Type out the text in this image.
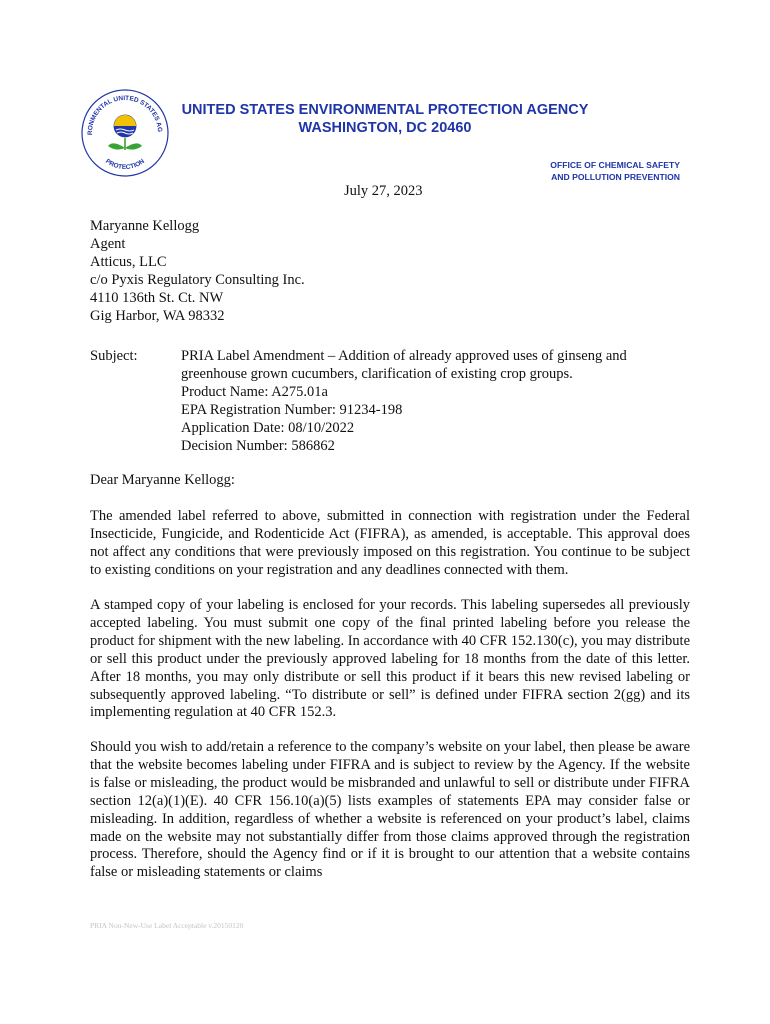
RONMENTAL UNITED STATES AG
PROTECTION
UNITED STATES ENVIRONMENTAL PROTECTION AGENCY
WASHINGTON, DC 20460
OFFICE OF CHEMICAL SAFETY
AND POLLUTION PREVENTION
July 27, 2023
Maryanne Kellogg
Agent
Atticus, LLC
c/o Pyxis Regulatory Consulting Inc.
4110 136th St. Ct. NW
Gig Harbor, WA 98332
Subject:	PRIA Label Amendment – Addition of already approved uses of ginseng and
greenhouse grown cucumbers, clarification of existing crop groups.
Product Name: A275.01a
EPA Registration Number: 91234-198
Application Date: 08/10/2022
Decision Number: 586862
Dear Maryanne Kellogg:
The amended label referred to above, submitted in connection with registration under the Federal Insecticide, Fungicide, and Rodenticide Act (FIFRA), as amended, is acceptable. This approval does not affect any conditions that were previously imposed on this registration. You continue to be subject to existing conditions on your registration and any deadlines connected with them.
A stamped copy of your labeling is enclosed for your records. This labeling supersedes all previously accepted labeling. You must submit one copy of the final printed labeling before you release the product for shipment with the new labeling. In accordance with 40 CFR 152.130(c), you may distribute or sell this product under the previously approved labeling for 18 months from the date of this letter. After 18 months, you may only distribute or sell this product if it bears this new revised labeling or subsequently approved labeling. “To distribute or sell” is defined under FIFRA section 2(gg) and its implementing regulation at 40 CFR 152.3.
Should you wish to add/retain a reference to the company’s website on your label, then please be aware that the website becomes labeling under FIFRA and is subject to review by the Agency. If the website is false or misleading, the product would be misbranded and unlawful to sell or distribute under FIFRA section 12(a)(1)(E). 40 CFR 156.10(a)(5) lists examples of statements EPA may consider false or misleading. In addition, regardless of whether a website is referenced on your product’s label, claims made on the website may not substantially differ from those claims approved through the registration process. Therefore, should the Agency find or if it is brought to our attention that a website contains false or misleading statements or claims
PRIA Non-New-Use Label Acceptable v.20150120
